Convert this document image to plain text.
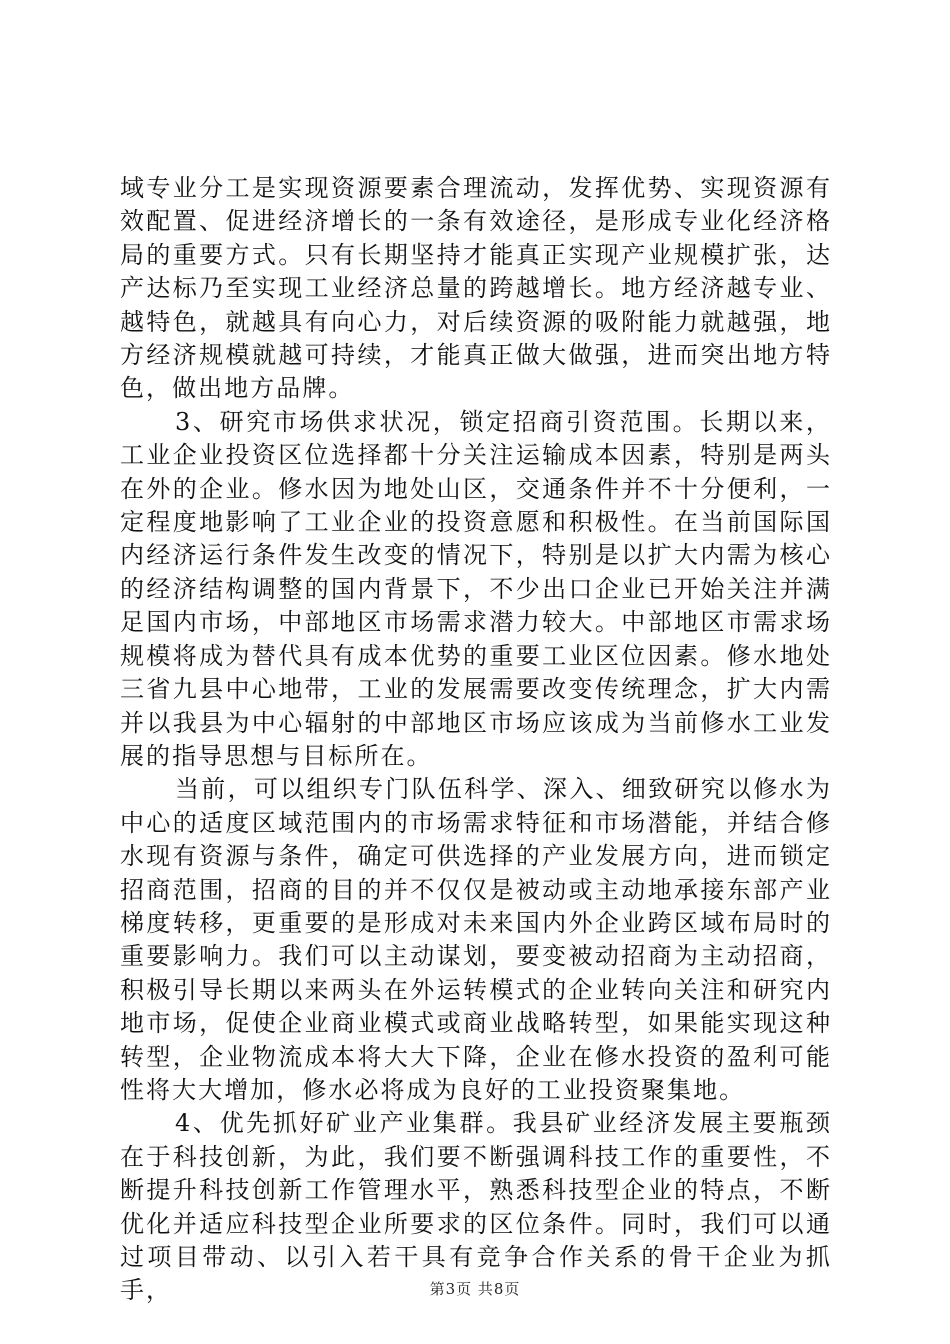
域专业分工是实现资源要素合理流动，发挥优势、实现资源有效配置、促进经济增长的一条有效途径，是形成专业化经济格局的重要方式。只有长期坚持才能真正实现产业规模扩张，达产达标乃至实现工业经济总量的跨越增长。地方经济越专业、越特色，就越具有向心力，对后续资源的吸附能力就越强，地方经济规模就越可持续，才能真正做大做强，进而突出地方特色，做出地方品牌。

3、研究市场供求状况，锁定招商引资范围。长期以来，工业企业投资区位选择都十分关注运输成本因素，特别是两头在外的企业。修水因为地处山区，交通条件并不十分便利，一定程度地影响了工业企业的投资意愿和积极性。在当前国际国内经济运行条件发生改变的情况下，特别是以扩大内需为核心的经济结构调整的国内背景下，不少出口企业已开始关注并满足国内市场，中部地区市场需求潜力较大。中部地区市需求场规模将成为替代具有成本优势的重要工业区位因素。修水地处三省九县中心地带，工业的发展需要改变传统理念，扩大内需并以我县为中心辐射的中部地区市场应该成为当前修水工业发展的指导思想与目标所在。

当前，可以组织专门队伍科学、深入、细致研究以修水为中心的适度区域范围内的市场需求特征和市场潜能，并结合修水现有资源与条件，确定可供选择的产业发展方向，进而锁定招商范围，招商的目的并不仅仅是被动或主动地承接东部产业梯度转移，更重要的是形成对未来国内外企业跨区域布局时的重要影响力。我们可以主动谋划，要变被动招商为主动招商，积极引导长期以来两头在外运转模式的企业转向关注和研究内地市场，促使企业商业模式或商业战略转型，如果能实现这种转型，企业物流成本将大大下降，企业在修水投资的盈利可能性将大大增加，修水必将成为良好的工业投资聚集地。

4、优先抓好矿业产业集群。我县矿业经济发展主要瓶颈在于科技创新，为此，我们要不断强调科技工作的重要性，不断提升科技创新工作管理水平，熟悉科技型企业的特点，不断优化并适应科技型企业所要求的区位条件。同时，我们可以通过项目带动、以引入若干具有竞争合作关系的骨干企业为抓手，	第3页 共8页
